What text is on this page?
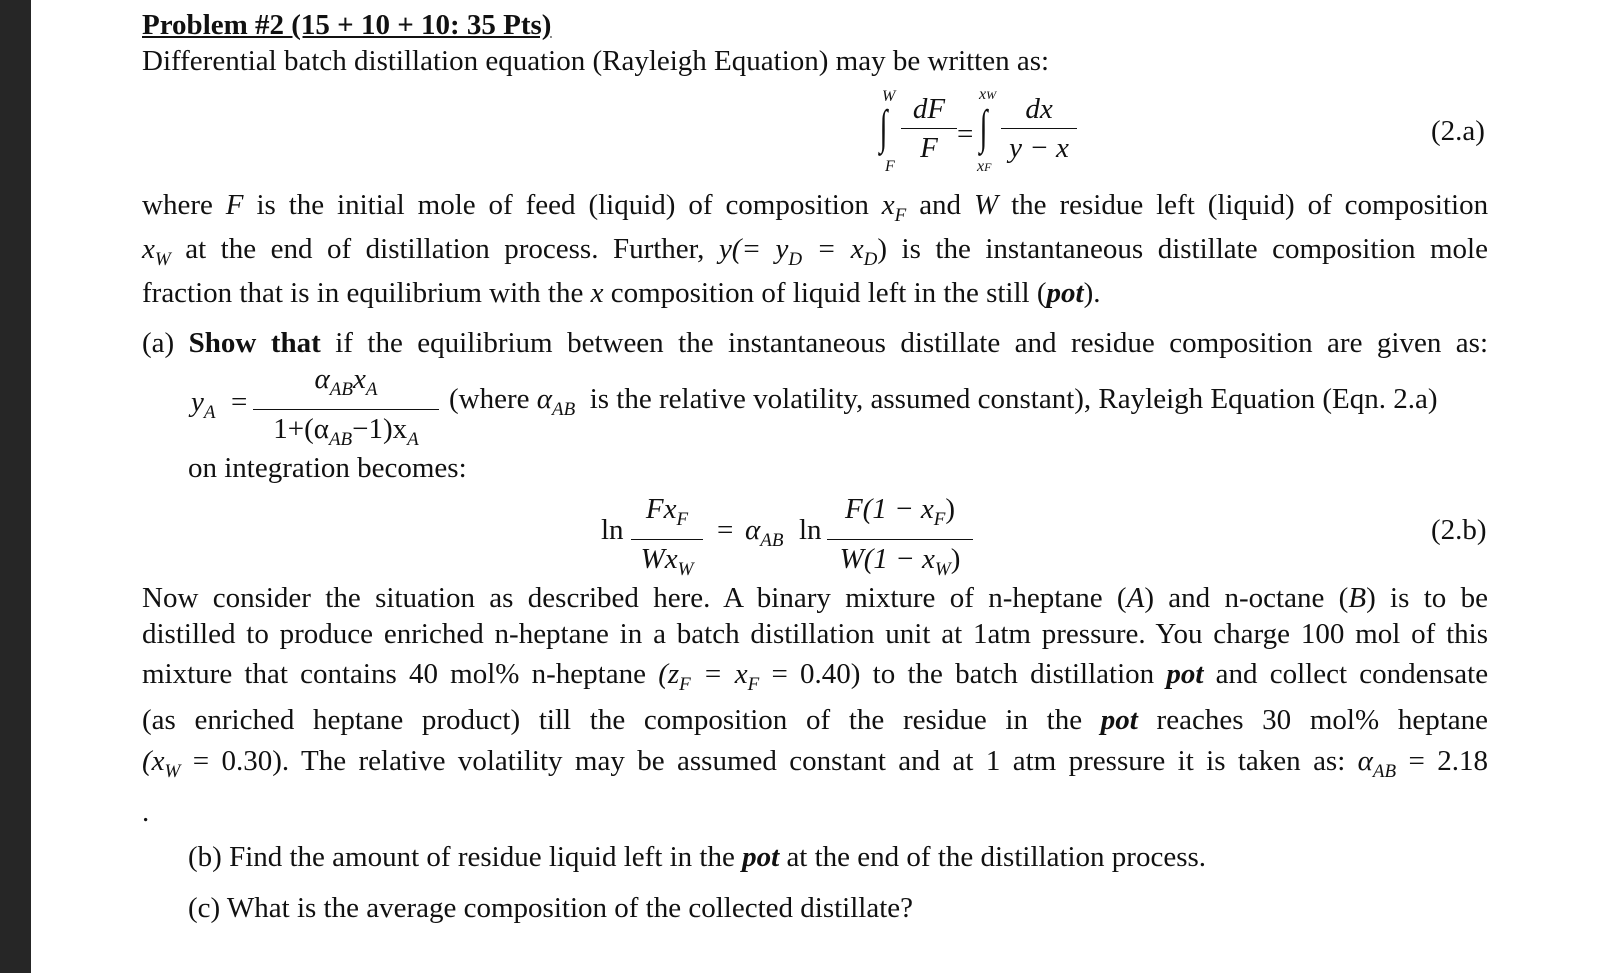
Problem #2 (15 + 10 + 10: 35 Pts)
Differential batch distillation equation (Rayleigh Equation) may be written as:
W
∫
F
dF
F =
xW
∫
xF
dx
y − x
(2.a)
where F is the initial mole of feed (liquid) of composition $x_F$ and W the residue left (liquid) of composition
$x_W$ at the end of distillation process. Further, $y(= y_D = x_D)$ is the instantaneous distillate composition mole
fraction that is in equilibrium with the x composition of liquid left in the still (pot).
(a) Show that if the equilibrium between the instantaneous distillate and residue composition are given as:
$y_A$ =
$\alpha_{AB}x_A$
$1+(\alpha_{AB}-1)x_A$
(where $\alpha_{AB}$ is the relative volatility, assumed constant), Rayleigh Equation (Eqn. 2.a)
on integration becomes:
ln
$Fx_F$
$Wx_W$
= $\alpha_{AB}$ ln
$F(1 - x_F)$
$W(1 - x_W)$
(2.b)
Now consider the situation as described here. A binary mixture of n-heptane (A) and n-octane (B) is to be
distilled to produce enriched n-heptane in a batch distillation unit at 1atm pressure. You charge 100 mol of this
mixture that contains 40 mol% n-heptane $(z_F = x_F = 0.40)$ to the batch distillation pot and collect condensate
(as enriched heptane product) till the composition of the residue in the pot reaches 30 mol% heptane
$(x_W = 0.30)$. The relative volatility may be assumed constant and at 1 atm pressure it is taken as: $\alpha_{AB} = 2.18$
.
(b) Find the amount of residue liquid left in the pot at the end of the distillation process.
(c) What is the average composition of the collected distillate?
